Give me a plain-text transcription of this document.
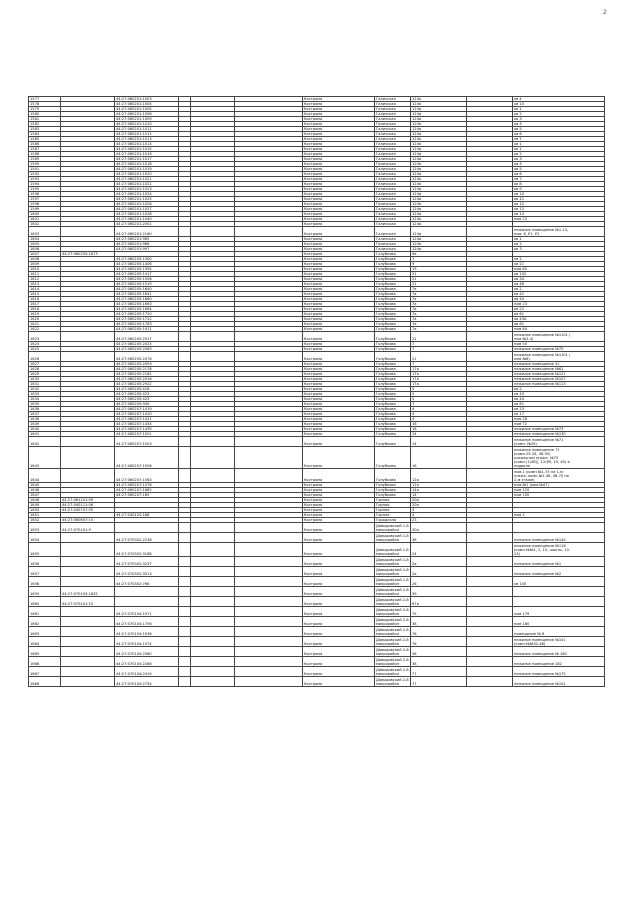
2
1577		44:27:060201:1003				Кострома	Галичская	124а		кв 4
1578		44:27:060201:1004				Кострома	Галичская	124а		кв 10
1579		44:27:060201:1005				Кострома	Галичская	124а		кв 1
1580		44:27:060201:1008				Кострома	Галичская	124а		кв 2
1581		44:27:060201:1009				Кострома	Галичская	124а		кв 3
1582		44:27:060201:1010				Кострома	Галичская	124а		кв 4
1583		44:27:060201:1011				Кострома	Галичская	124а		кв 5
1584		44:27:060201:1012				Кострома	Галичская	124а		кв 6
1585		44:27:060201:1013				Кострома	Галичская	124а		кв 7
1586		44:27:060201:1014				Кострома	Галичская	124а		кв 1
1587		44:27:060201:1015				Кострома	Галичская	124а		кв 1
1588		44:27:060201:1016				Кострома	Галичская	124а		кв 2
1589		44:27:060201:1017				Кострома	Галичская	124а		кв 3
1590		44:27:060201:1018				Кострома	Галичская	124а		кв 4
1591		44:27:060201:1019				Кострома	Галичская	124а		кв 5
1592		44:27:060201:1020				Кострома	Галичская	124а		кв 6
1593		44:27:060201:1021				Кострома	Галичская	124а		кв 7
1594		44:27:060201:1022				Кострома	Галичская	124а		кв 8
1595		44:27:060201:1023				Кострома	Галичская	124а		кв 9
1596		44:27:060201:1024				Кострома	Галичская	124а		кв 10
1597		44:27:060201:1025				Кострома	Галичская	124а		кв 11
1598		44:27:060201:1026				Кострома	Галичская	124а		кв 12
1599		44:27:060201:1027				Кострома	Галичская	124а		кв 13
1600		44:27:060201:1028				Кострома	Галичская	124а		кв 14
1601		44:27:060201:1040				Кострома	Галичская	124а		пом 22
1602		44:27:060201:2001				Кострома	Галичская	124а		
1603		44:27:060201:2160				Кострома	Галичская	124а		нежилое помещение №1-13,
пом. 6, Е1, Е2
1604		44:27:060201:965				Кострома	Галичская	124а		кв 1
1605		44:27:060201:966				Кострома	Галичская	124а		кв 2
1606		44:27:060201:997				Кострома	Галичская	124а		кв 3
1607	44:27:060205:1673					Кострома	Голубкова	9а		
1608		44:27:060205:1300				Кострома	Голубкова	1		кв 2
1609		44:27:060205:1406				Кострома	Голубкова	9		кв 21
1610		44:27:060205:1394				Кострома	Голубкова	19		пом 60
1611		44:27:060205:1417				Кострома	Голубкова	21		кв 102
1612		44:27:060205:1506				Кострома	Голубкова	21		кв 34
1613		44:27:060205:1519				Кострома	Голубкова	21		кв 48
1614		44:27:060205:1640				Кострома	Голубкова	7а		кв 2
1615		44:27:060205:1641				Кострома	Голубкова	7а		кв 42
1616		44:27:060205:1660				Кострома	Голубкова	7а		кв 40
1617		44:27:060205:1663				Кострома	Голубкова	7а		пом 23
1618		44:27:060205:1664				Кострома	Голубкова	7а		кв 22
1619		44:27:060205:1720				Кострома	Голубкова	7а		кв 61
1620		44:27:060205:1722				Кострома	Голубкова	7а		кв 43А
1621		44:27:060205:1763				Кострома	Голубкова	7а		кв 61
1622		44:27:060205:1911				Кострома	Голубкова	7а		пом 64
1623		44:27:060205:2017				Кострома	Голубкова	21		нежилое помещение №1101 (
пом №2.4)
1624		44:27:060205:2025				Кострома	Голубкова	7		пом 50
1625		44:27:060205:2063				Кострома	Голубкова	7		нежилое помещение №70
1626		44:27:060205:2076				Кострома	Голубкова	21		нежилое помещение №1101 (
пом №6)
1627		44:27:060205:2093				Кострома	Голубкова	7		нежилое помещение 41
1628		44:27:060205:2178				Кострома	Голубкова	17а		нежилое помещение №61
1629		44:27:060205:2182				Кострома	Голубкова	17а		нежилое помещение №121
1630		44:27:060205:2916				Кострома	Голубкова	17а		нежилое помещение №107
1631		44:27:060205:2922				Кострома	Голубкова	17а		нежилое помещение №113
1632		44:27:060205:418				Кострома	Голубкова	5		кв 2
1633		44:27:060205:423				Кострома	Голубкова	5		кв 43
1634		44:27:060205:425				Кострома	Голубкова	5		кв 44
1635		44:27:060205:940				Кострома	Голубкова	7		кв 61
1636		44:27:060207:1419				Кострома	Голубкова	4		кв 23
1637		44:27:060207:1420				Кострома	Голубкова	4		кв 17
1638		44:27:060207:1421				Кострома	Голубкова	4		пом 28
1639		44:27:060207:1434				Кострома	Голубкова	16		пом 72
1640		44:27:060207:1439				Кострома	Голубкова	16		нежилое помещение №73
1641		44:27:060207:1501				Кострома	Голубкова	14		нежилое помещение №130
1642		44:27:060207:1503				Кострома	Голубкова	14		нежилое помещение №71
(комн. №29)
1643		44:27:060207:1506				Кострома	Голубкова	16		нежилое помещение 71
(комн.29-34, 36-50)
цокольном этаже, №73
(комн.(1(4б)), 12(69, 19, 40) в
подвале
1644		44:27:060207:1563				Кострома	Голубкова	12а		пом.1 (комн.№1-75 на 1-м
этаже, комн.№1-46, 48-70 на
2-м этаже)
1645		44:27:060207:1576				Кострома	Голубкова	12а		пом.№1 (ком.№47)
1646		44:27:060207:1682				Кострома	Голубкова	14а		пом 120
1647		44:27:060207:189				Кострома	Голубкова	14		пом 100
1648	44:27:061101:09					Кострома	Горная	20а		
1649	44:27:040111:06					Кострома	Горная	20а		
1650	44:27:040707:05					Кострома	Горная	3		
1651		44:27:040120:188				Кострома	Горная	4		пом 1
1652	44:27:060607:15					Кострома	Городская	23		
1653	44:27:070101:9					Кострома	Давыдовский 1-й
микрорайон	30а		
1654		44:27:070302:2238				Кострома	Давыдовский 1-й
микрорайон	38		нежилое помещение №144
1655		44:27:070302:3188				Кострома	Давыдовский 1-й
микрорайон	24		нежилое помещение №116
(комн.№№1, 2, 10, шахты, 10-
23)
1656		44:27:070302:3237				Кострома	Давыдовский 1-й
микрорайон	2а		нежилое помещение №1
1657		44:27:070302:3513				Кострома	Давыдовский 1-й
микрорайон	2а		нежилое помещение №2
1658		44:27:070302:766				Кострома	Давыдовский 1-й
микрорайон	26		кв 145
1659	44:27:070103:1832					Кострома	Давыдовский 2-й
микрорайон	39		
1660	44:27:070101:10					Кострома	Давыдовский 2-й
микрорайон	67а		
1661		44:27:070104:1971				Кострома	Давыдовский 2-й
микрорайон	75		пом 179
1662		44:27:070104:1756				Кострома	Давыдовский 2-й
микрорайон	38		пом 180
1663		44:27:070104:1936				Кострома	Давыдовский 2-й
микрорайон	76		помещение № 6
1664		44:27:070104:1974				Кострома	Давыдовский 2-й
микрорайон	76		нежилое помещение №101
(комн.№№32-48)
1665		44:27:070104:2080				Кострома	Давыдовский 2-й
микрорайон	38		нежилое помещение № 180
1666		44:27:070104:2268				Кострома	Давыдовский 2-й
микрорайон	38		нежилое помещение 182
1667		44:27:070104:2419				Кострома	Давыдовский 2-й
микрорайон	77		нежилое помещение №175
1668		44:27:070104:2754				Кострома	Давыдовский 2-й
микрорайон	77		нежилое помещение №101
